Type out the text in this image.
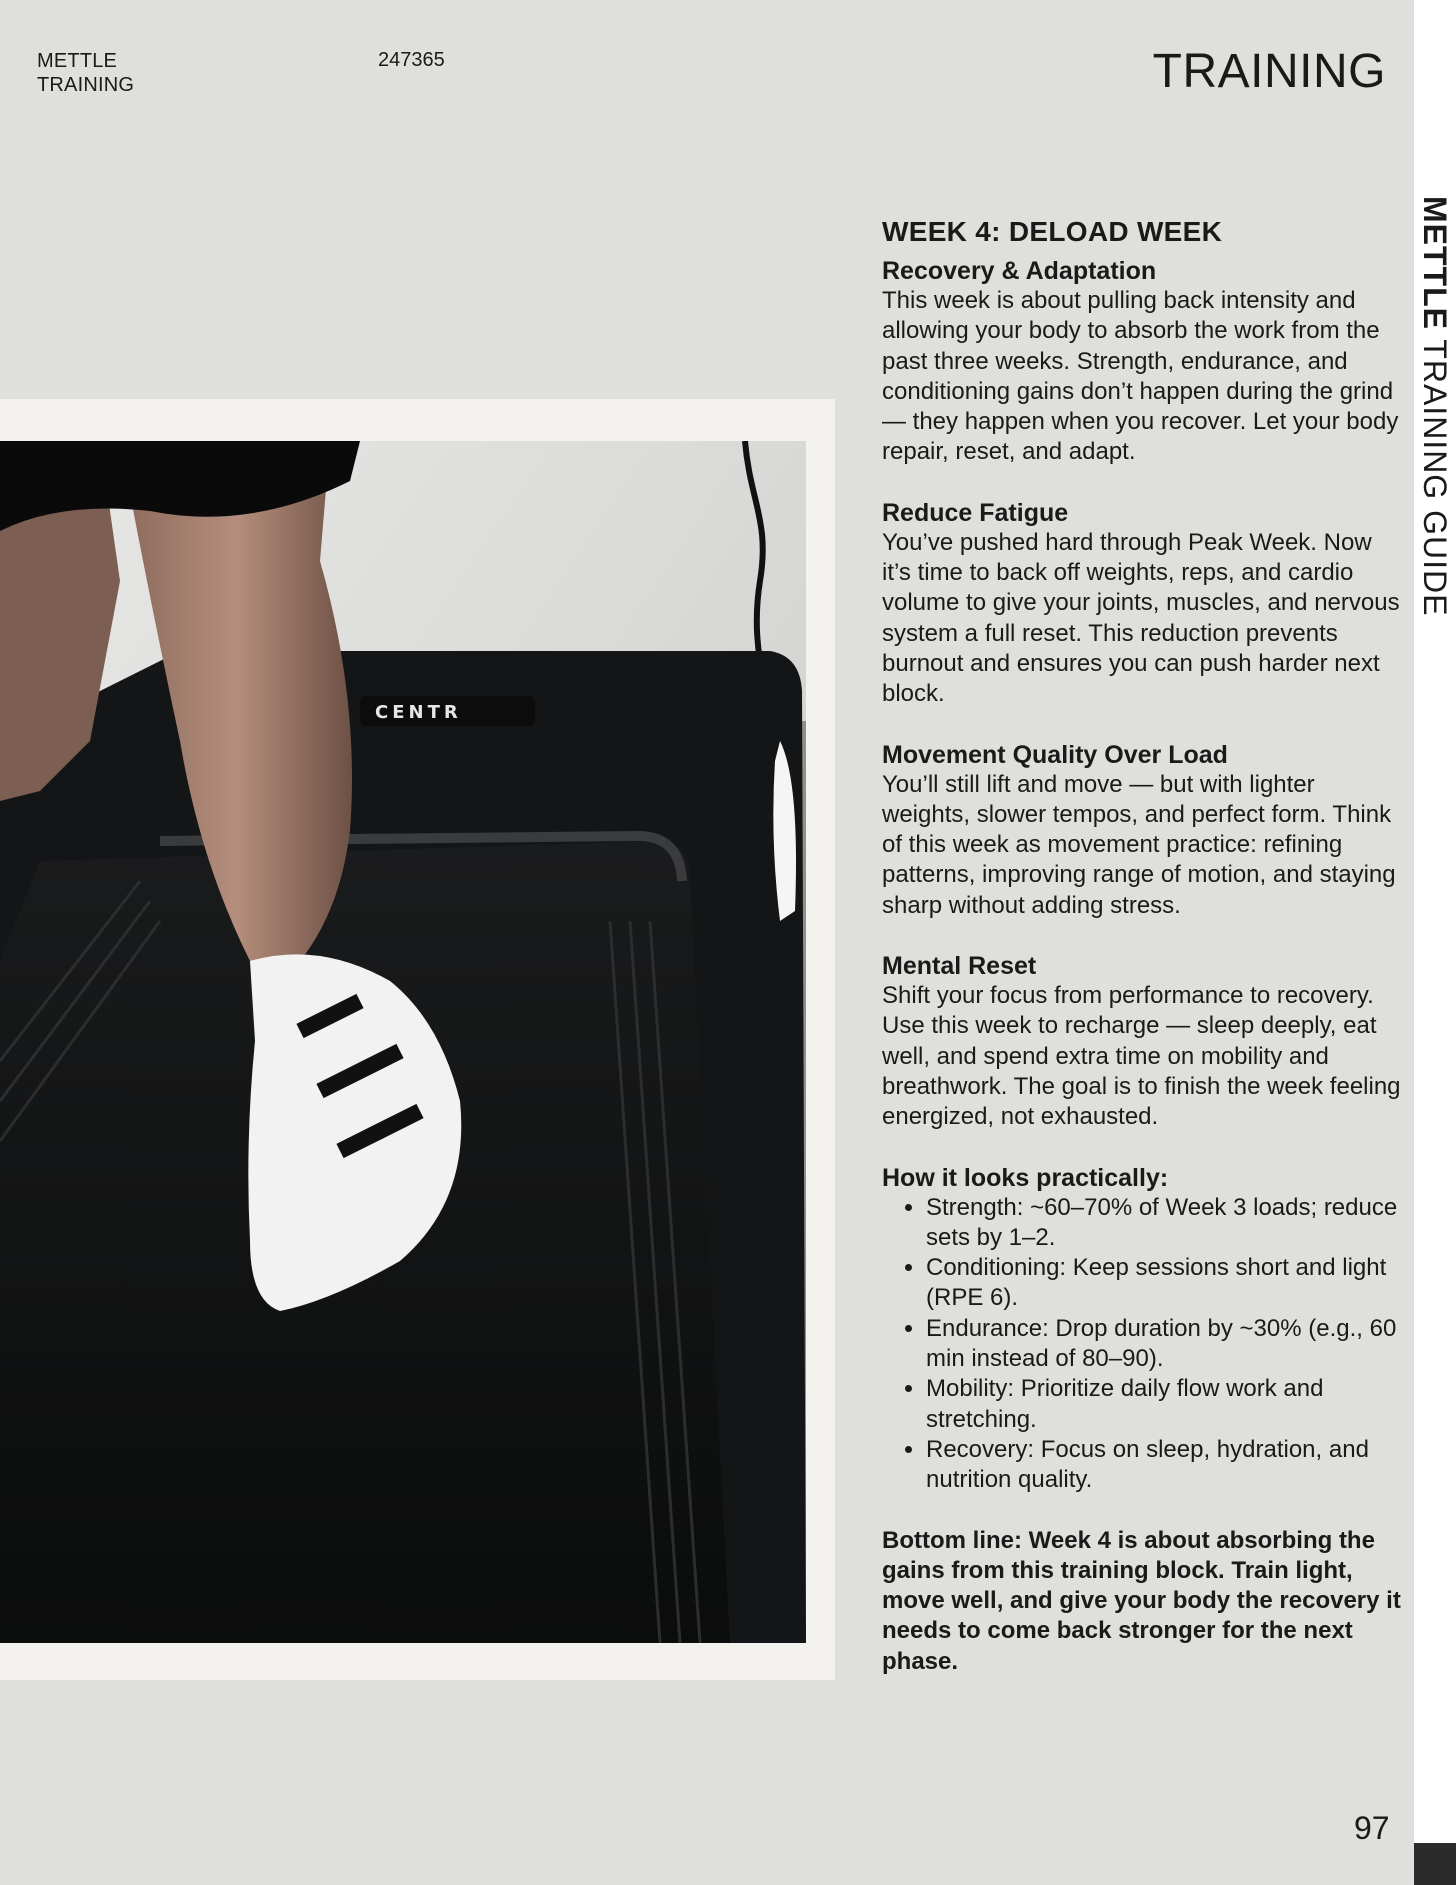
METTLE
TRAINING
247365	TRAINING
METTLE TRAINING GUIDE
CENTR
WEEK 4: DELOAD WEEK
Recovery & Adaptation

This week is about pulling back intensity and allowing your body to absorb the work from the past three weeks. Strength, endurance, and conditioning gains don’t happen during the grind — they happen when you recover. Let your body repair, reset, and adapt.

Reduce Fatigue

You’ve pushed hard through Peak Week. Now it’s time to back off weights, reps, and cardio volume to give your joints, muscles, and nervous system a full reset. This reduction prevents burnout and ensures you can push harder next block.

Movement Quality Over Load

You’ll still lift and move — but with lighter weights, slower tempos, and perfect form. Think of this week as movement practice: refining patterns, improving range of motion, and staying sharp without adding stress.

Mental Reset

Shift your focus from performance to recovery. Use this week to recharge — sleep deeply, eat well, and spend extra time on mobility and breathwork. The goal is to finish the week feeling energized, not exhausted.

How it looks practically:
• Strength: ~60–70% of Week 3 loads; reduce sets by 1–2.
• Conditioning: Keep sessions short and light (RPE 6).
• Endurance: Drop duration by ~30% (e.g., 60 min instead of 80–90).
• Mobility: Prioritize daily flow work and stretching.
• Recovery: Focus on sleep, hydration, and nutrition quality.
Bottom line: Week 4 is about absorbing the gains from this training block. Train light, move well, and give your body the recovery it needs to come back stronger for the next phase.
97
